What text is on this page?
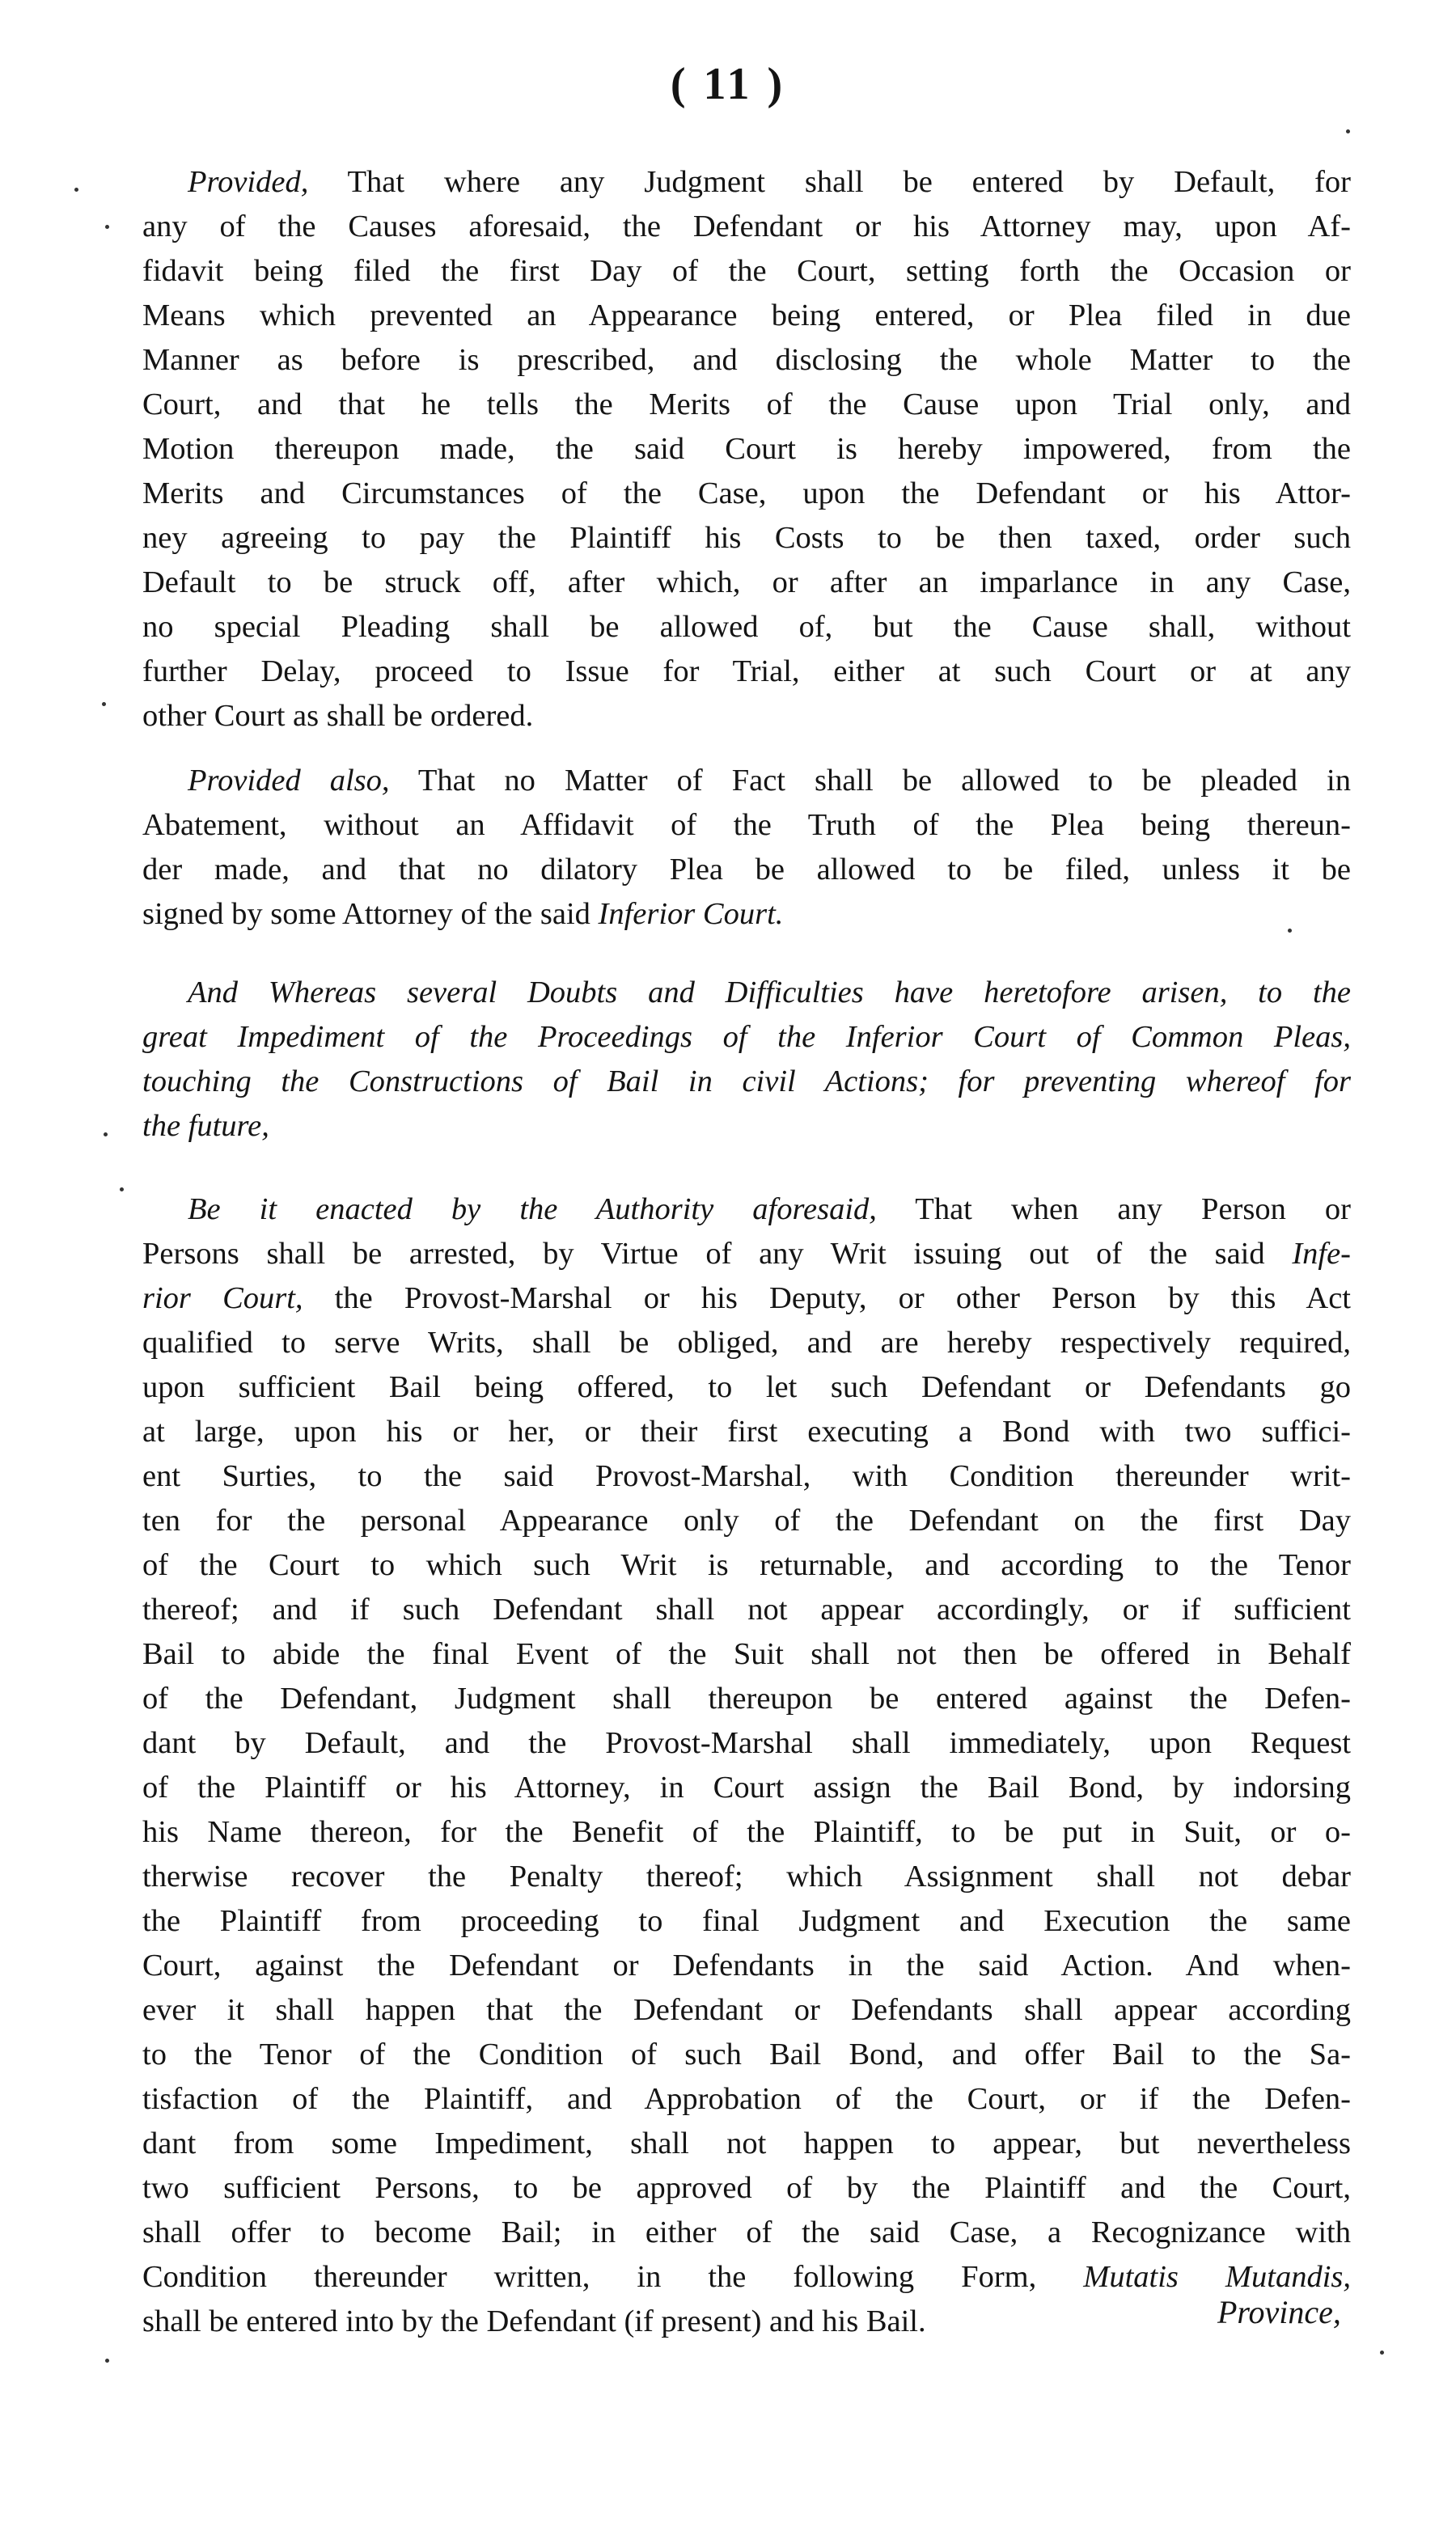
( 11 )
Provided, That where any Judgment shall be entered by Default, for
any of the Causes aforesaid, the Defendant or his Attorney may, upon Af-
fidavit being filed the first Day of the Court, setting forth the Occasion or
Means which prevented an Appearance being entered, or Plea filed in due
Manner as before is prescribed, and disclosing the whole Matter to the
Court, and that he tells the Merits of the Cause upon Trial only, and
Motion thereupon made, the said Court is hereby impowered, from the
Merits and Circumstances of the Case, upon the Defendant or his Attor-
ney agreeing to pay the Plaintiff his Costs to be then taxed, order such
Default to be struck off, after which, or after an imparlance in any Case,
no special Pleading shall be allowed of, but the Cause shall, without
further Delay, proceed to Issue for Trial, either at such Court or at any
other Court as shall be ordered.
Provided also, That no Matter of Fact shall be allowed to be pleaded in
Abatement, without an Affidavit of the Truth of the Plea being thereun-
der made, and that no dilatory Plea be allowed to be filed, unless it be
signed by some Attorney of the said Inferior Court.
And Whereas several Doubts and Difficulties have heretofore arisen, to the
great Impediment of the Proceedings of the Inferior Court of Common Pleas,
touching the Constructions of Bail in civil Actions; for preventing whereof for
the future,
Be it enacted by the Authority aforesaid, That when any Person or
Persons shall be arrested, by Virtue of any Writ issuing out of the said Infe-
rior Court, the Provost-Marshal or his Deputy, or other Person by this Act
qualified to serve Writs, shall be obliged, and are hereby respectively required,
upon sufficient Bail being offered, to let such Defendant or Defendants go
at large, upon his or her, or their first executing a Bond with two suffici-
ent Surties, to the said Provost-Marshal, with Condition thereunder writ-
ten for the personal Appearance only of the Defendant on the first Day
of the Court to which such Writ is returnable, and according to the Tenor
thereof; and if such Defendant shall not appear accordingly, or if sufficient
Bail to abide the final Event of the Suit shall not then be offered in Behalf
of the Defendant, Judgment shall thereupon be entered against the Defen-
dant by Default, and the Provost-Marshal shall immediately, upon Request
of the Plaintiff or his Attorney, in Court assign the Bail Bond, by indorsing
his Name thereon, for the Benefit of the Plaintiff, to be put in Suit, or o-
therwise recover the Penalty thereof; which Assignment shall not debar
the Plaintiff from proceeding to final Judgment and Execution the same
Court, against the Defendant or Defendants in the said Action. And when-
ever it shall happen that the Defendant or Defendants shall appear according
to the Tenor of the Condition of such Bail Bond, and offer Bail to the Sa-
tisfaction of the Plaintiff, and Approbation of the Court, or if the Defen-
dant from some Impediment, shall not happen to appear, but nevertheless
two sufficient Persons, to be approved of by the Plaintiff and the Court,
shall offer to become Bail; in either of the said Case, a Recognizance with
Condition thereunder written, in the following Form, Mutatis Mutandis,
shall be entered into by the Defendant (if present) and his Bail.	Province,
